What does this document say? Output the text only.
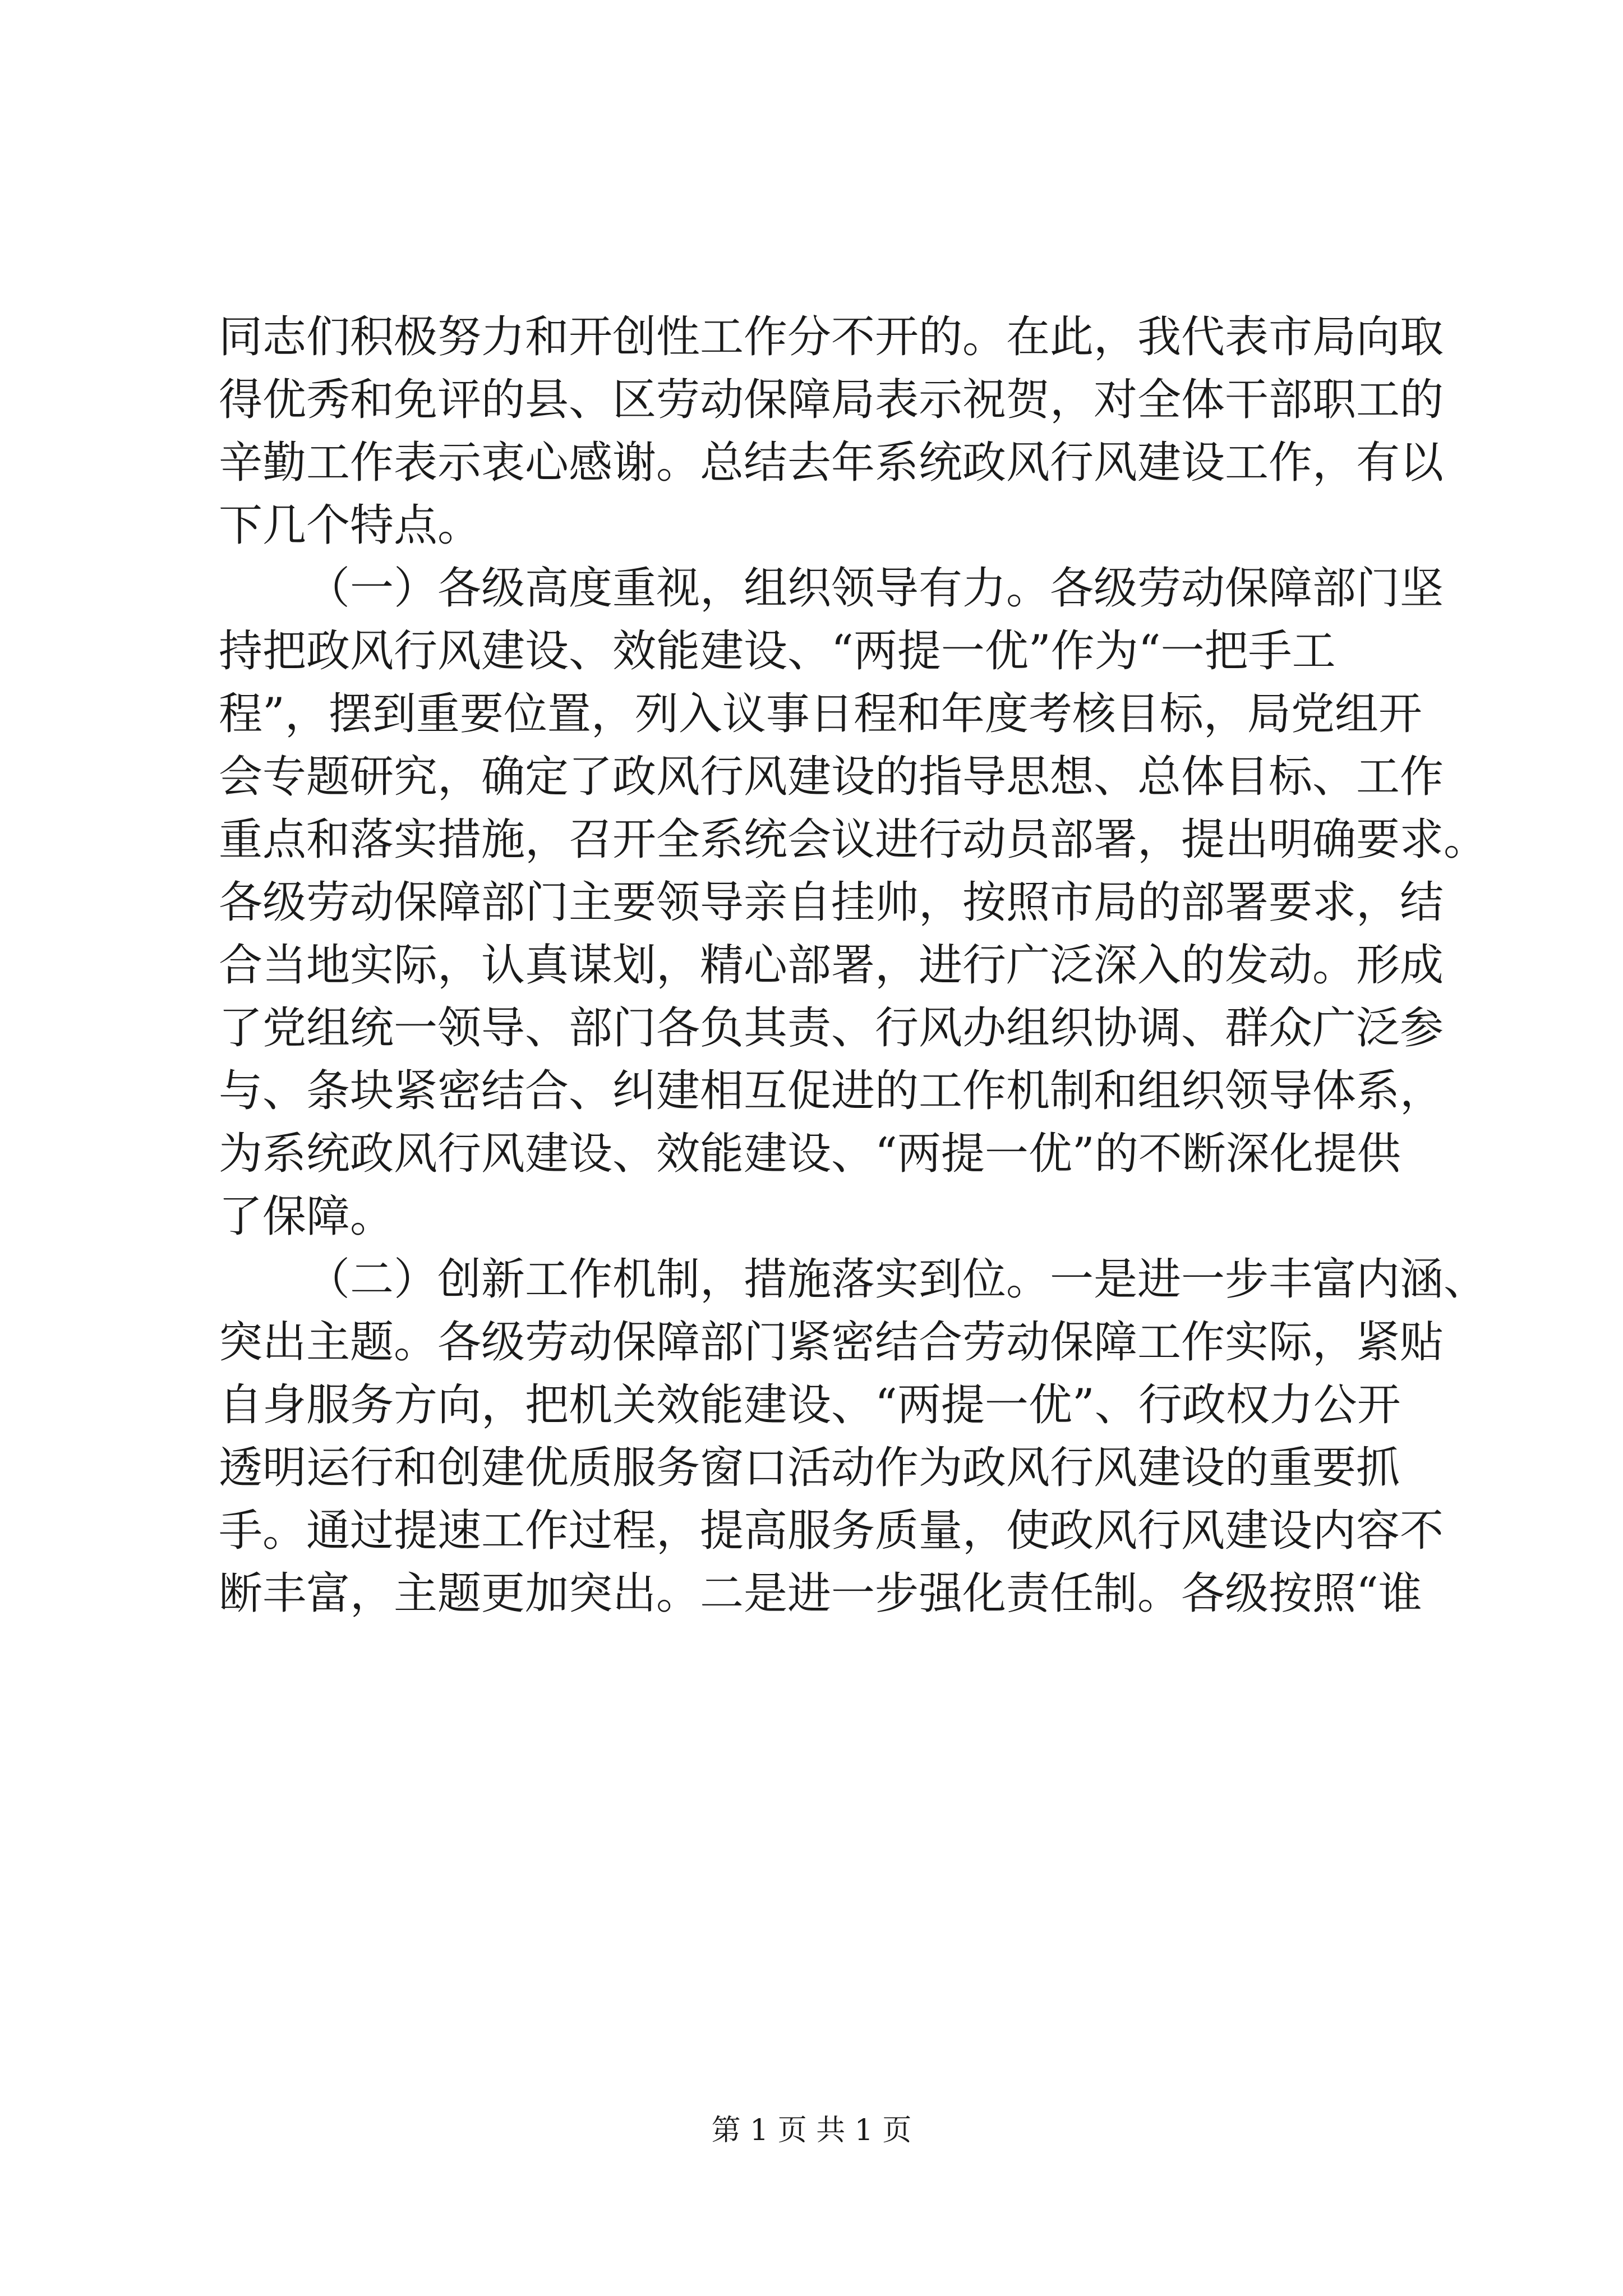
同志们积极努力和开创性工作分不开的。在此，我代表市局向取
得优秀和免评的县、区劳动保障局表示祝贺，对全体干部职工的
辛勤工作表示衷心感谢。总结去年系统政风行风建设工作，有以
下几个特点。
（一）各级高度重视，组织领导有力。各级劳动保障部门坚
持把政风行风建设、效能建设、“两提一优”作为“一把手工
程”，摆到重要位置，列入议事日程和年度考核目标，局党组开
会专题研究，确定了政风行风建设的指导思想、总体目标、工作
重点和落实措施，召开全系统会议进行动员部署，提出明确要求。
各级劳动保障部门主要领导亲自挂帅，按照市局的部署要求，结
合当地实际，认真谋划，精心部署，进行广泛深入的发动。形成
了党组统一领导、部门各负其责、行风办组织协调、群众广泛参
与、条块紧密结合、纠建相互促进的工作机制和组织领导体系，
为系统政风行风建设、效能建设、“两提一优”的不断深化提供
了保障。
（二）创新工作机制，措施落实到位。一是进一步丰富内涵、
突出主题。各级劳动保障部门紧密结合劳动保障工作实际，紧贴
自身服务方向，把机关效能建设、“两提一优”、行政权力公开
透明运行和创建优质服务窗口活动作为政风行风建设的重要抓
手。通过提速工作过程，提高服务质量，使政风行风建设内容不
断丰富，主题更加突出。二是进一步强化责任制。各级按照“谁
第 1 页 共 1 页
